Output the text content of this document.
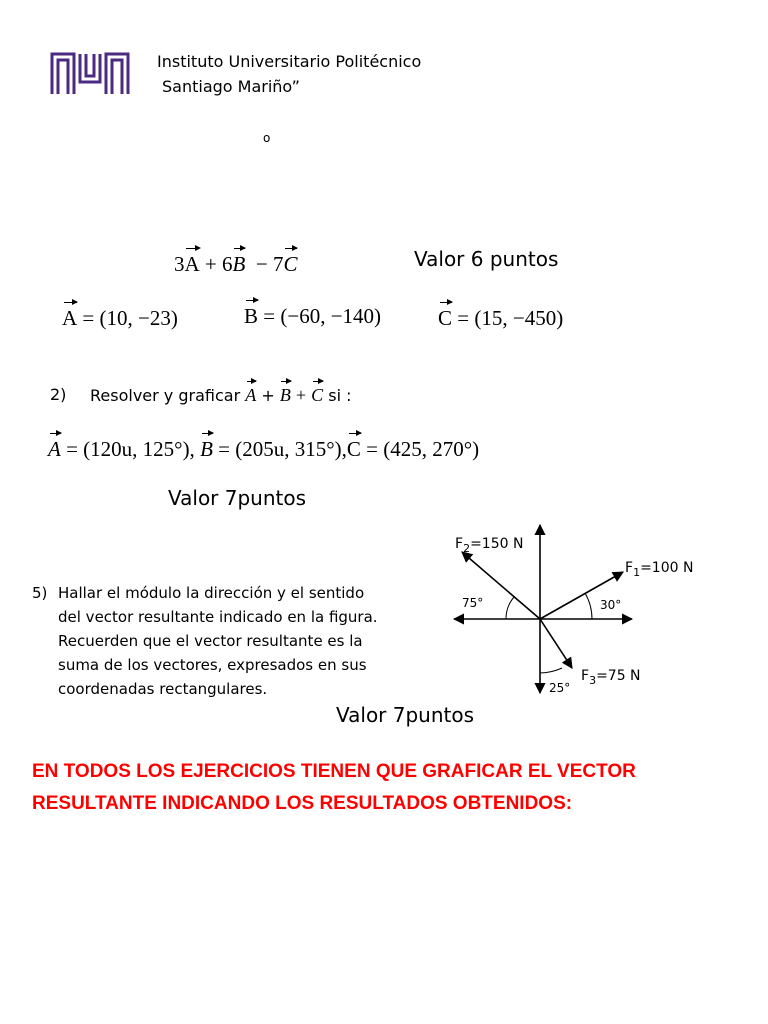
Instituto Universitario Politécnico
Santiago Mariño”
o
3A + 6B − 7C	Valor 6 puntos
A = (10, −23)	B = (−60, −140)	C = (15, −450)
2) Resolver y graficar A + B + C si :
A = (120u, 125°), B = (205u, 315°),C = (425, 270°)
Valor 7puntos
5) Hallar el módulo la dirección y el sentido
del vector resultante indicado en la figura.
Recuerden que el vector resultante es la
suma de los vectores, expresados en sus
coordenadas rectangulares.
Valor 7puntos
$F_2=150$ N
$F_1=100$ N
$F_3=75$ N
75°	30°
25°
EN TODOS LOS EJERCICIOS TIENEN QUE GRAFICAR EL VECTOR
RESULTANTE INDICANDO LOS RESULTADOS OBTENIDOS:
